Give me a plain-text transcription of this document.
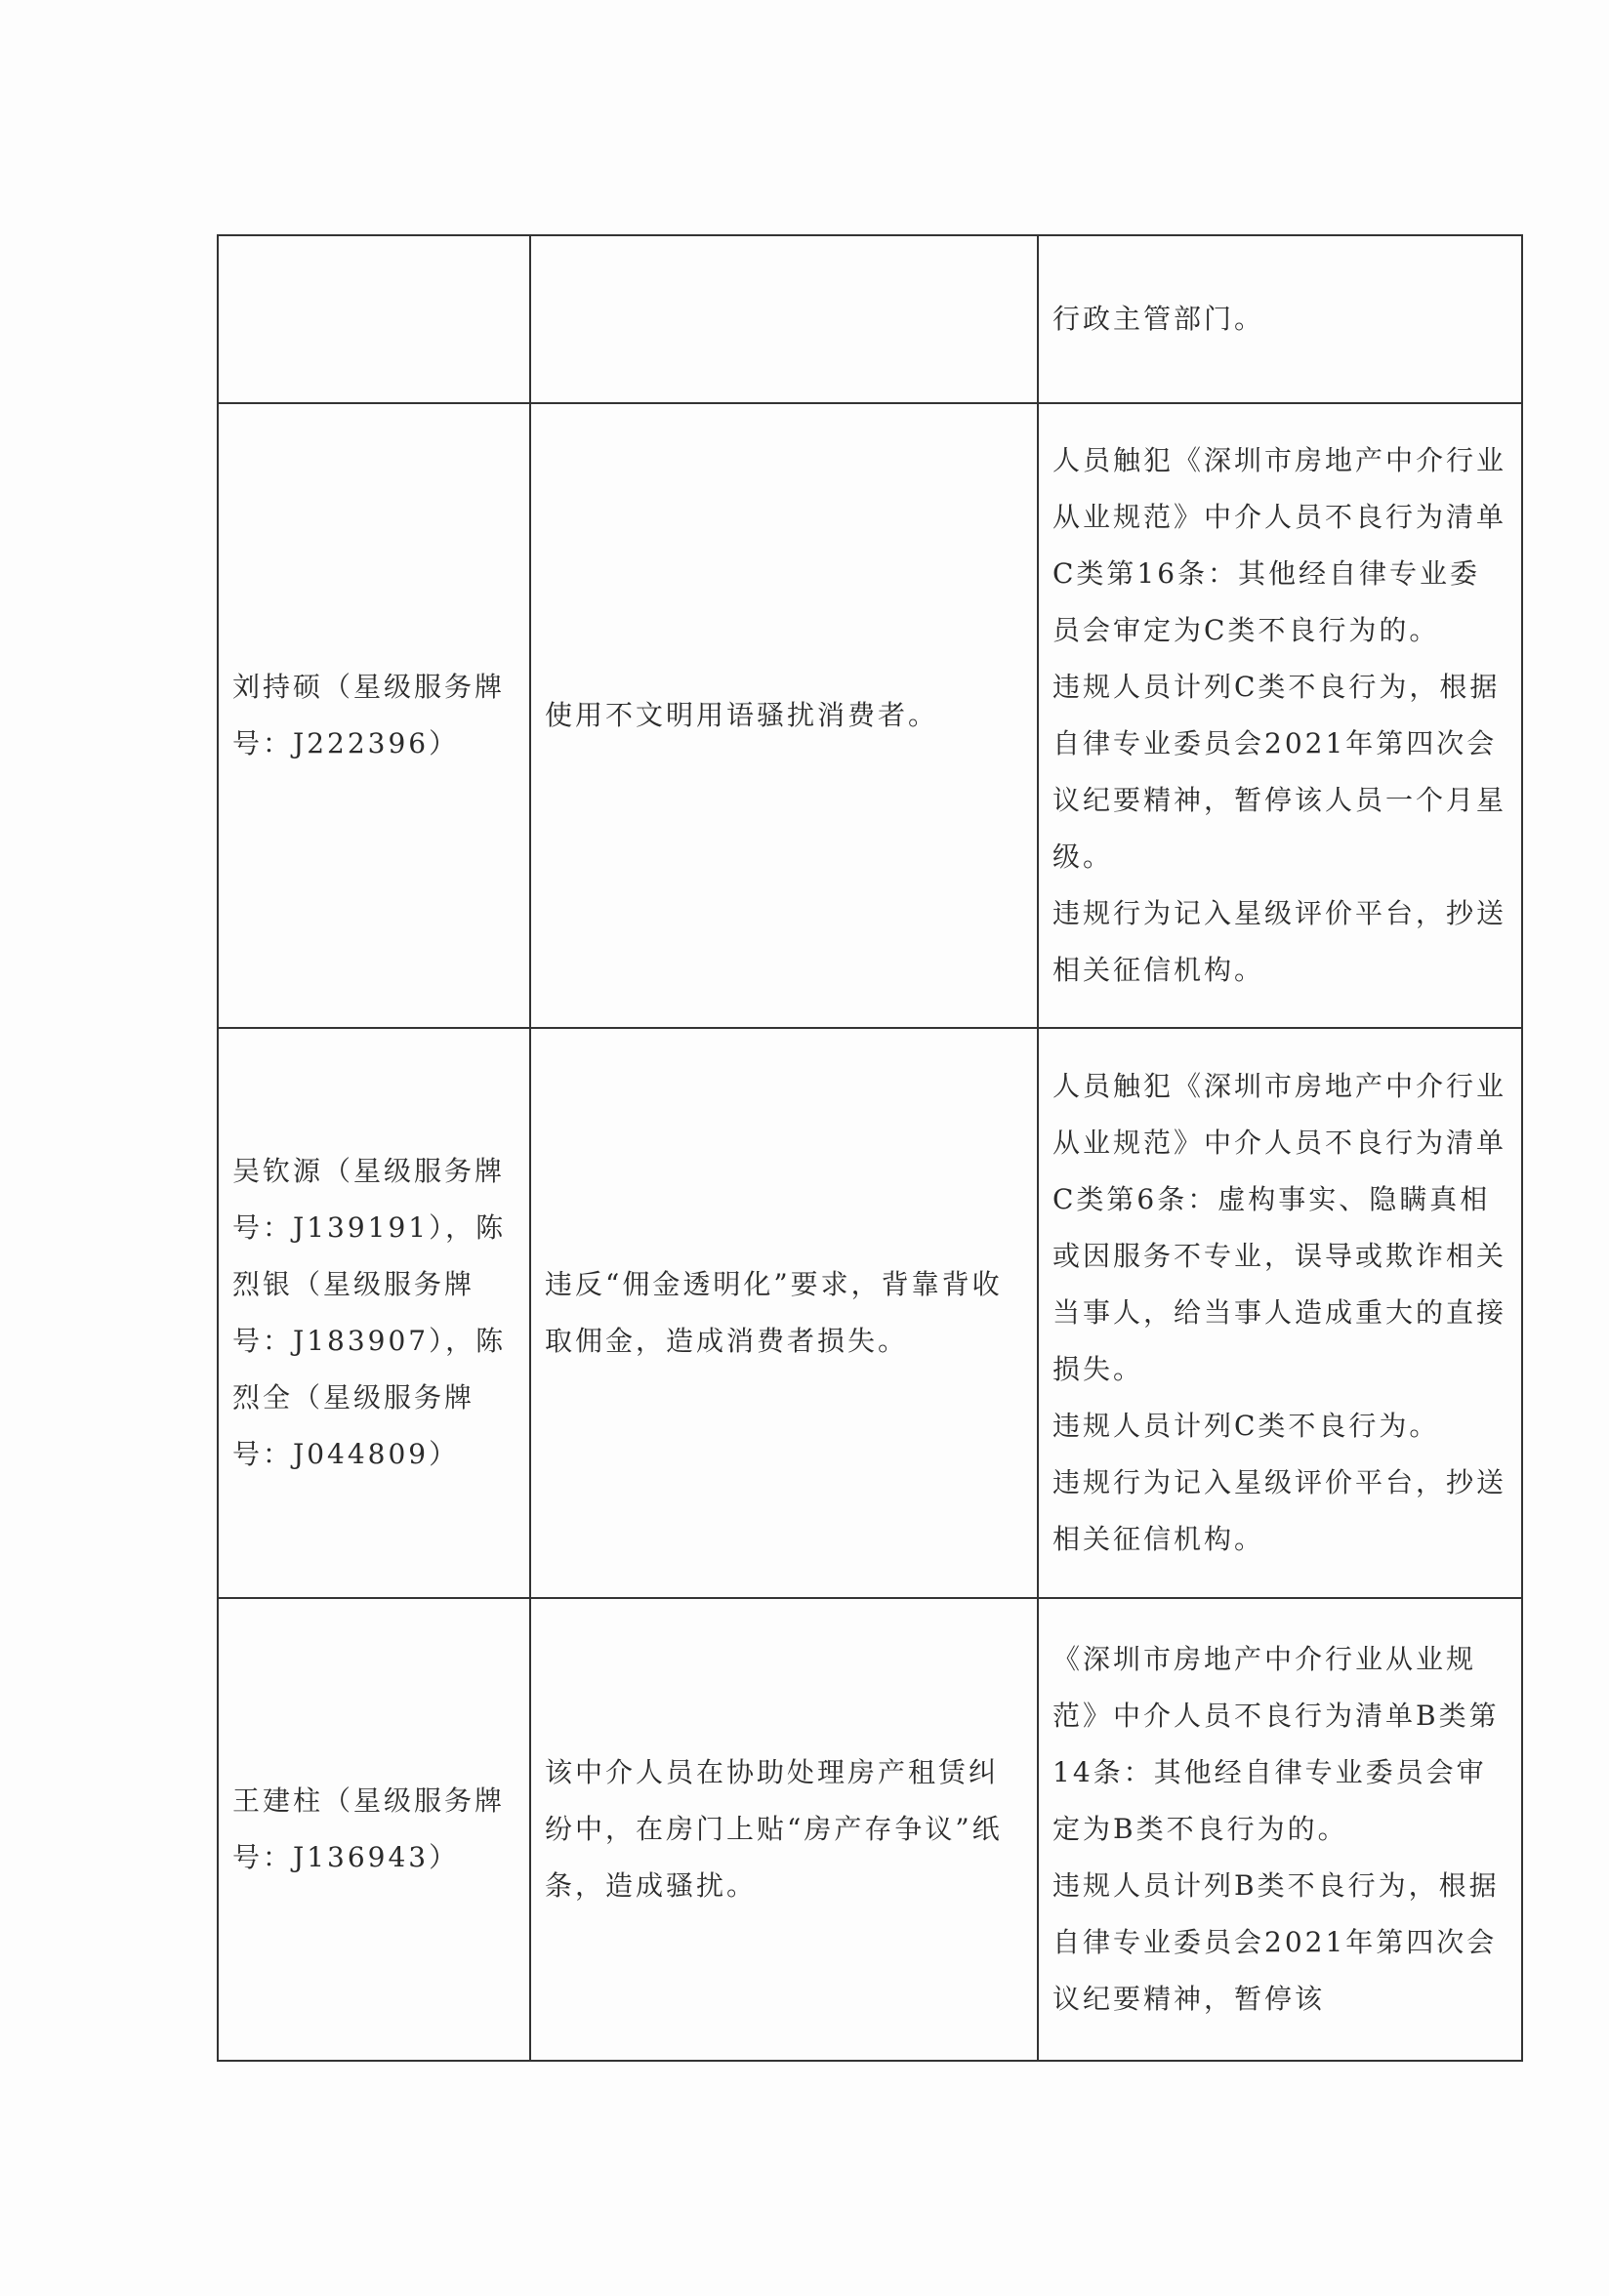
		行政主管部门。

刘持硕（星级服务牌号：J222396）	使用不文明用语骚扰消费者。	人员触犯《深圳市房地产中介行业从业规范》中介人员不良行为清单C类第16条：其他经自律专业委员会审定为C类不良行为的。
违规人员计列C类不良行为，根据自律专业委员会2021年第四次会议纪要精神，暂停该人员一个月星级。
违规行为记入星级评价平台，抄送相关征信机构。

吴钦源（星级服务牌号：J139191），陈烈银（星级服务牌号：J183907），陈烈全（星级服务牌号：J044809）	违反“佣金透明化”要求，背靠背收取佣金，造成消费者损失。	人员触犯《深圳市房地产中介行业从业规范》中介人员不良行为清单C类第6条：虚构事实、隐瞒真相或因服务不专业，误导或欺诈相关当事人，给当事人造成重大的直接损失。
违规人员计列C类不良行为。
违规行为记入星级评价平台，抄送相关征信机构。

王建柱（星级服务牌号：J136943）	该中介人员在协助处理房产租赁纠纷中，在房门上贴“房产存争议”纸条，造成骚扰。	《深圳市房地产中介行业从业规范》中介人员不良行为清单B类第14条：其他经自律专业委员会审定为B类不良行为的。
违规人员计列B类不良行为，根据自律专业委员会2021年第四次会议纪要精神，暂停该
